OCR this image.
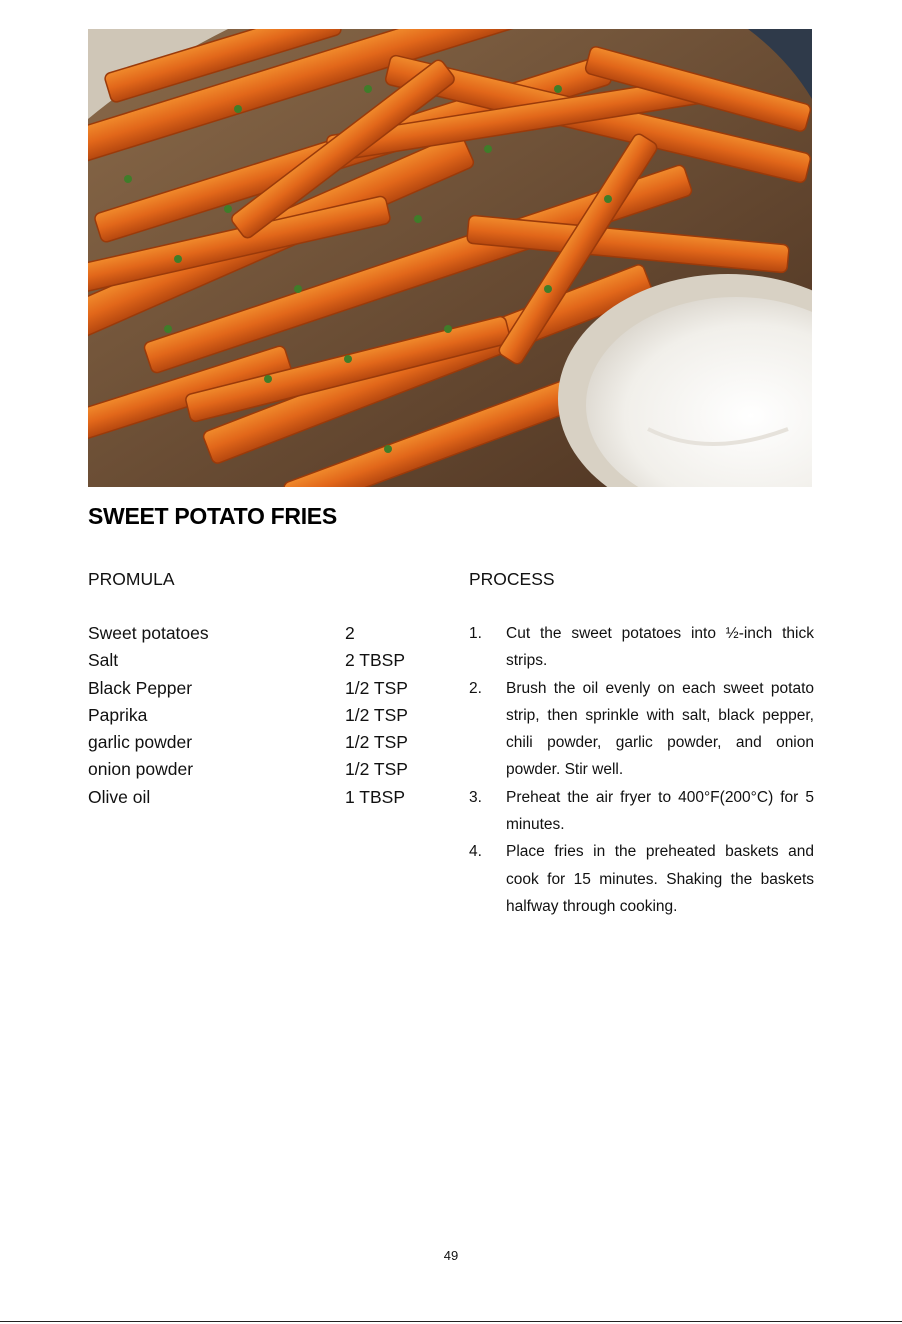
SWEET POTATO FRIES
PROMULA	PROCESS
Sweet potatoes	2
Salt	2 TBSP
Black Pepper	1/2 TSP
Paprika	1/2 TSP
garlic powder	1/2 TSP
onion powder	1/2 TSP
Olive oil	1 TBSP
1. Cut the sweet potatoes into ½-inch thick strips.
2. Brush the oil evenly on each sweet potato strip, then sprinkle with salt, black pepper, chili powder, garlic powder, and onion powder. Stir well.
3. Preheat the air fryer to 400°F(200°C) for 5 minutes.
4. Place fries in the preheated baskets and cook for 15 minutes. Shaking the baskets halfway through cooking.
49
